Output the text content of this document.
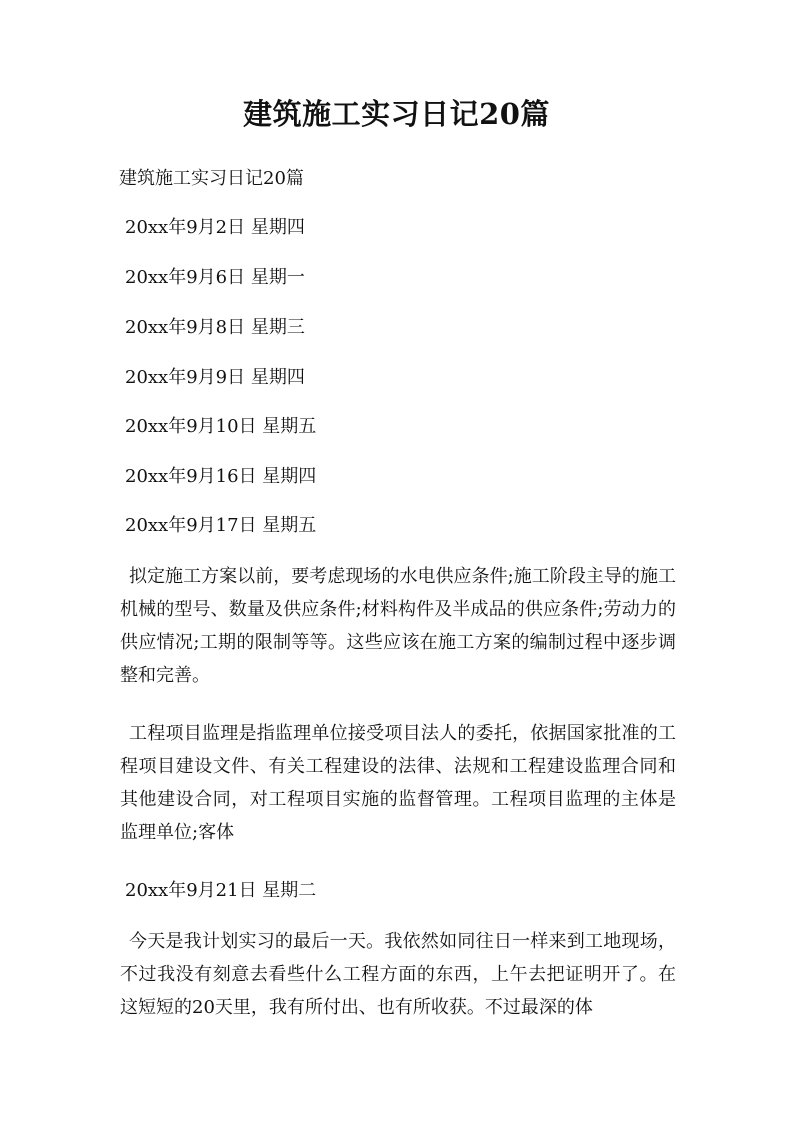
建筑施工实习日记20篇
建筑施工实习日记20篇
20xx年9月2日 星期四
20xx年9月6日 星期一
20xx年9月8日 星期三
20xx年9月9日 星期四
20xx年9月10日 星期五
20xx年9月16日 星期四
20xx年9月17日 星期五
拟定施工方案以前，要考虑现场的水电供应条件;施工阶段主导的施工机械的型号、数量及供应条件;材料构件及半成品的供应条件;劳动力的供应情况;工期的限制等等。这些应该在施工方案的编制过程中逐步调整和完善。
工程项目监理是指监理单位接受项目法人的委托，依据国家批准的工程项目建设文件、有关工程建设的法律、法规和工程建设监理合同和其他建设合同，对工程项目实施的监督管理。工程项目监理的主体是监理单位;客体
20xx年9月21日 星期二
今天是我计划实习的最后一天。我依然如同往日一样来到工地现场，不过我没有刻意去看些什么工程方面的东西，上午去把证明开了。在这短短的20天里，我有所付出、也有所收获。不过最深的体
